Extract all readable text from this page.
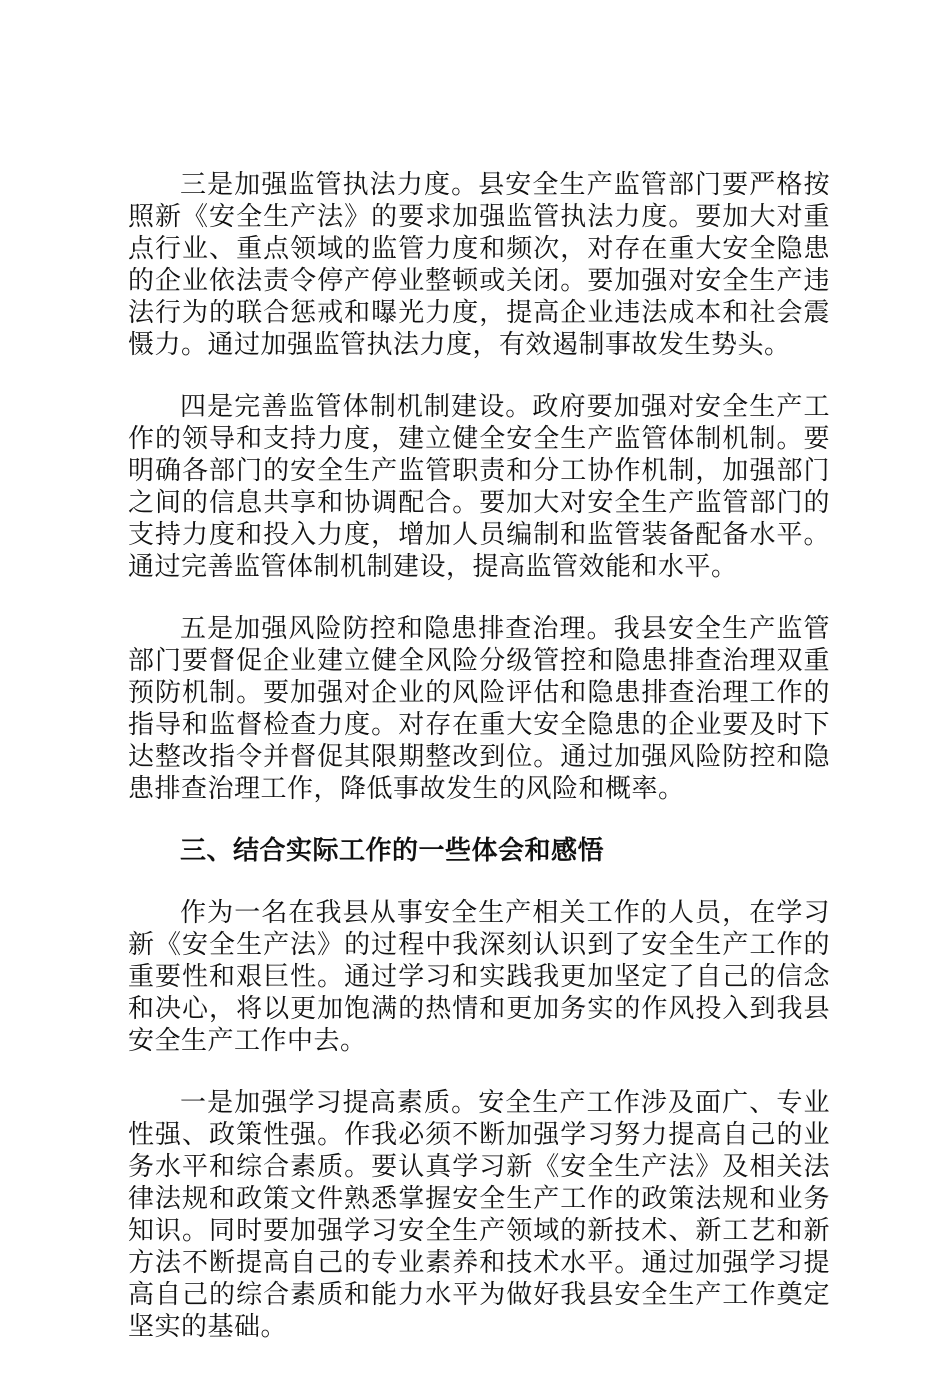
三是加强监管执法力度。县安全生产监管部门要严格按照新《安全生产法》的要求加强监管执法力度。要加大对重点行业、重点领域的监管力度和频次，对存在重大安全隐患的企业依法责令停产停业整顿或关闭。要加强对安全生产违法行为的联合惩戒和曝光力度，提高企业违法成本和社会震慑力。通过加强监管执法力度，有效遏制事故发生势头。

四是完善监管体制机制建设。政府要加强对安全生产工作的领导和支持力度，建立健全安全生产监管体制机制。要明确各部门的安全生产监管职责和分工协作机制，加强部门之间的信息共享和协调配合。要加大对安全生产监管部门的支持力度和投入力度，增加人员编制和监管装备配备水平。通过完善监管体制机制建设，提高监管效能和水平。

五是加强风险防控和隐患排查治理。我县安全生产监管部门要督促企业建立健全风险分级管控和隐患排查治理双重预防机制。要加强对企业的风险评估和隐患排查治理工作的指导和监督检查力度。对存在重大安全隐患的企业要及时下达整改指令并督促其限期整改到位。通过加强风险防控和隐患排查治理工作，降低事故发生的风险和概率。

三、结合实际工作的一些体会和感悟

作为一名在我县从事安全生产相关工作的人员，在学习新《安全生产法》的过程中我深刻认识到了安全生产工作的重要性和艰巨性。通过学习和实践我更加坚定了自己的信念和决心，将以更加饱满的热情和更加务实的作风投入到我县安全生产工作中去。

一是加强学习提高素质。安全生产工作涉及面广、专业性强、政策性强。作我必须不断加强学习努力提高自己的业务水平和综合素质。要认真学习新《安全生产法》及相关法律法规和政策文件熟悉掌握安全生产工作的政策法规和业务知识。同时要加强学习安全生产领域的新技术、新工艺和新方法不断提高自己的专业素养和技术水平。通过加强学习提高自己的综合素质和能力水平为做好我县安全生产工作奠定坚实的基础。
